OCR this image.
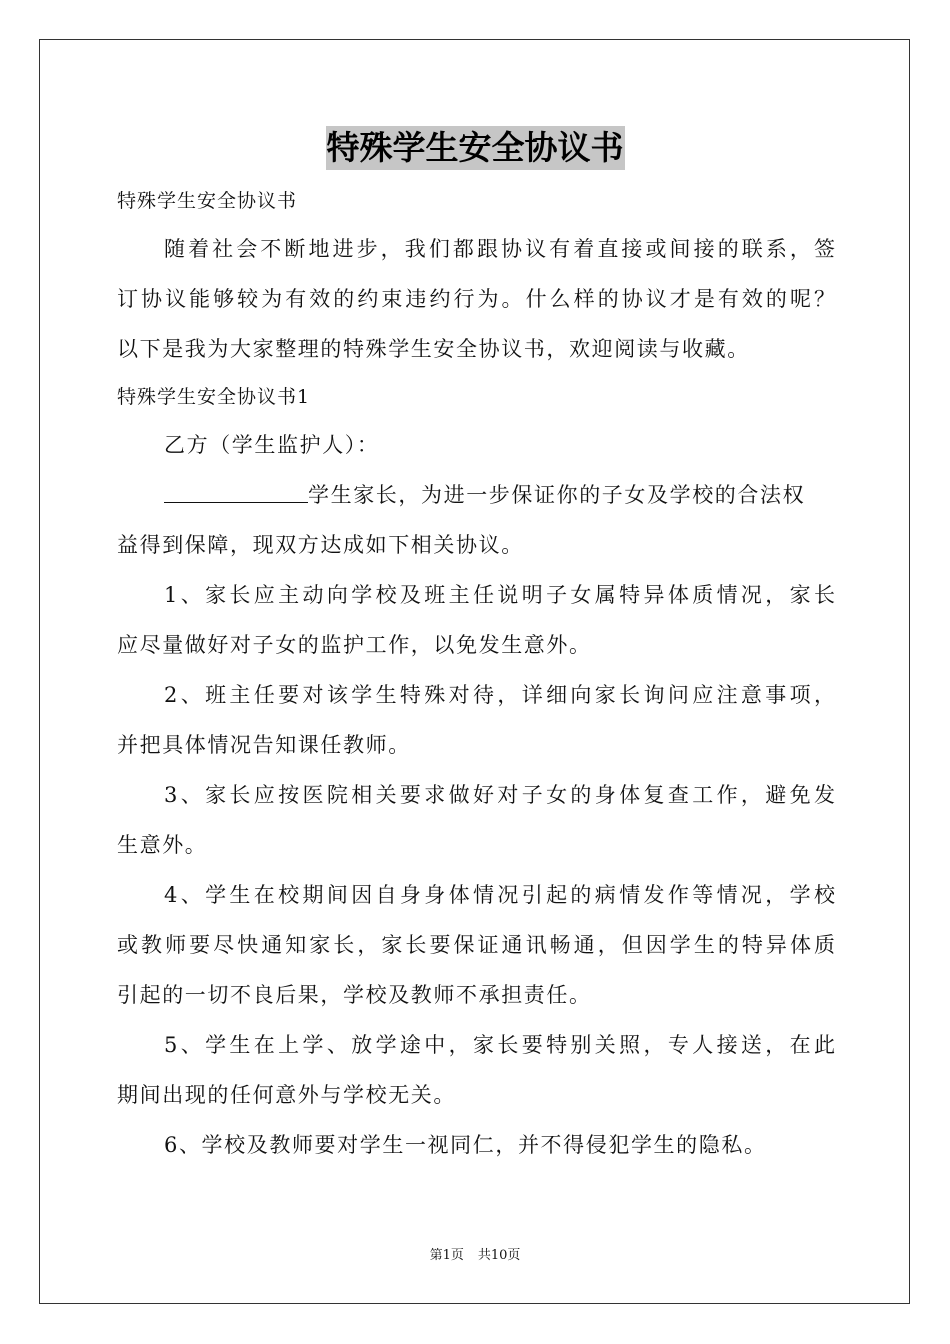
特殊学生安全协议书
特殊学生安全协议书
随着社会不断地进步，我们都跟协议有着直接或间接的联系，签
订协议能够较为有效的约束违约行为。什么样的协议才是有效的呢？
以下是我为大家整理的特殊学生安全协议书，欢迎阅读与收藏。
特殊学生安全协议书1
乙方（学生监护人）：
学生家长，为进一步保证你的子女及学校的合法权
益得到保障，现双方达成如下相关协议。
1、家长应主动向学校及班主任说明子女属特异体质情况，家长
应尽量做好对子女的监护工作，以免发生意外。
2、班主任要对该学生特殊对待，详细向家长询问应注意事项，
并把具体情况告知课任教师。
3、家长应按医院相关要求做好对子女的身体复查工作，避免发
生意外。
4、学生在校期间因自身身体情况引起的病情发作等情况，学校
或教师要尽快通知家长，家长要保证通讯畅通，但因学生的特异体质
引起的一切不良后果，学校及教师不承担责任。
5、学生在上学、放学途中，家长要特别关照，专人接送，在此
期间出现的任何意外与学校无关。
6、学校及教师要对学生一视同仁，并不得侵犯学生的隐私。
第1页 共10页
